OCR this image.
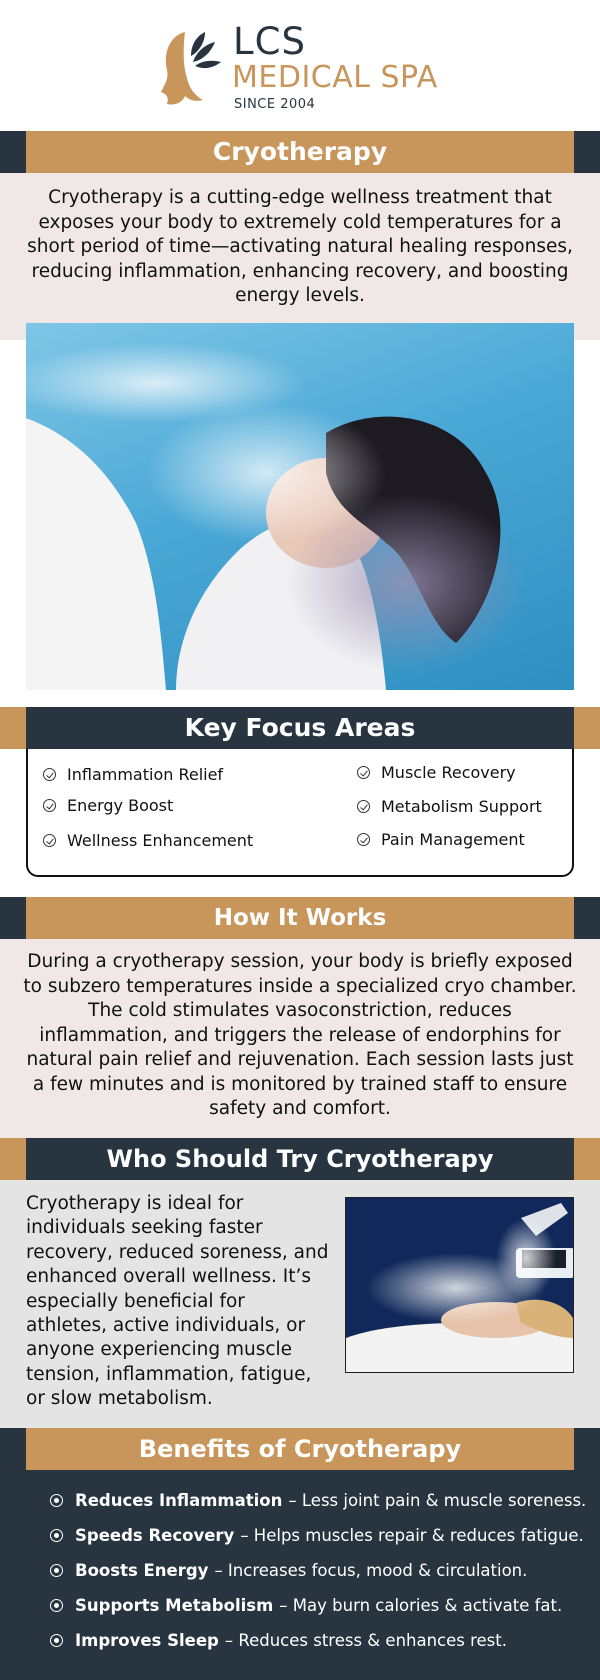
LCS
MEDICAL SPA
SINCE 2004
Cryotherapy
Cryotherapy is a cutting-edge wellness treatment that exposes your body to extremely cold temperatures for a short period of time—activating natural healing responses, reducing inflammation, enhancing recovery, and boosting energy levels.
Key Focus Areas
Inflammation Relief	Muscle Recovery
Energy Boost	Metabolism Support
Wellness Enhancement	Pain Management
How It Works
During a cryotherapy session, your body is briefly exposed to subzero temperatures inside a specialized cryo chamber. The cold stimulates vasoconstriction, reduces inflammation, and triggers the release of endorphins for natural pain relief and rejuvenation. Each session lasts just a few minutes and is monitored by trained staff to ensure safety and comfort.
Who Should Try Cryotherapy
Cryotherapy is ideal for individuals seeking faster recovery, reduced soreness, and enhanced overall wellness. It’s especially beneficial for athletes, active individuals, or anyone experiencing muscle tension, inflammation, fatigue, or slow metabolism.
Benefits of Cryotherapy
Reduces Inflammation – Less joint pain & muscle soreness.
Speeds Recovery – Helps muscles repair & reduces fatigue.
Boosts Energy – Increases focus, mood & circulation.
Supports Metabolism – May burn calories & activate fat.
Improves Sleep – Reduces stress & enhances rest.
